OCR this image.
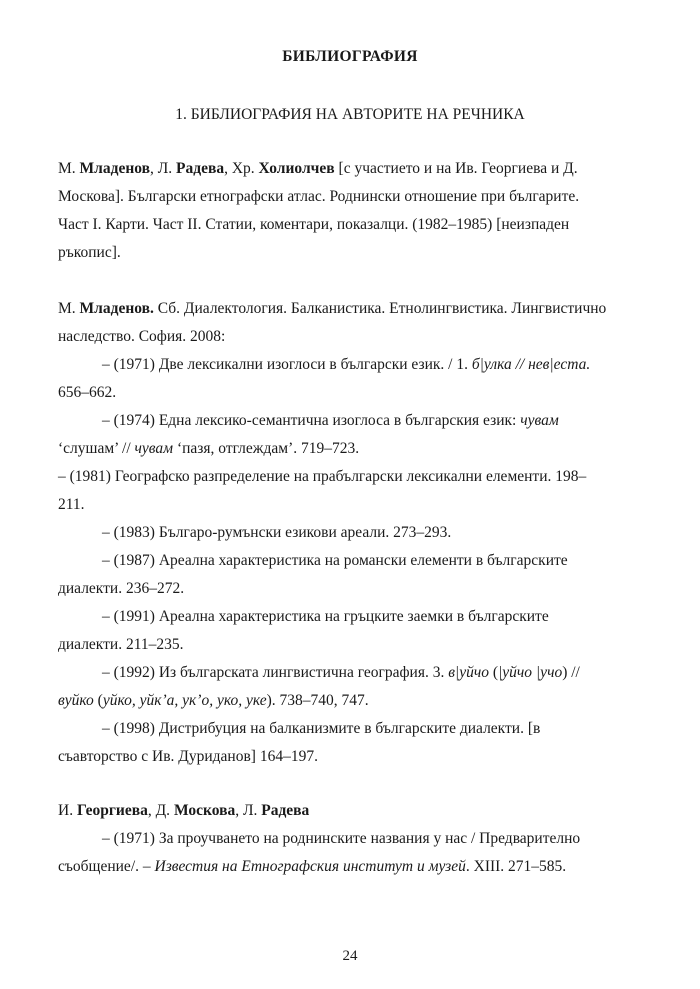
БИБЛИОГРАФИЯ
1. БИБЛИОГРАФИЯ НА АВТОРИТЕ НА РЕЧНИКА
М. Младенов, Л. Радева, Хр. Холиолчев [с участието и на Ив. Георгиева и Д.
Москова]. Български етнографски атлас. Роднински отношение при българите.
Част І. Карти. Част ІІ. Статии, коментари, показалци. (1982–1985) [неизпаден
ръкопис].
М. Младенов. Сб. Диалектология. Балканистика. Етнолингвистика. Лингвистично
наследство. София. 2008:
– (1971) Две лексикални изоглоси в български език. / 1. б|улка // нев|еста.
656–662.
– (1974) Една лексико-семантична изоглоса в българския език: чувам
‘слушам’ // чувам ‘пазя, отглеждам’. 719–723.
– (1981) Географско разпределение на прабългарски лексикални елементи. 198–
211.
– (1983) Българо-румънски езикови ареали. 273–293.
– (1987) Ареална характеристика на романски елементи в българските
диалекти. 236–272.
– (1991) Ареална характеристика на гръцките заемки в българските
диалекти. 211–235.
– (1992) Из българската лингвистична география. 3. в|уйчо (|уйчо |учо) //
вуйко (уйко, уйк’а, ук’о, уко, уке). 738–740, 747.
– (1998) Дистрибуция на балканизмите в българските диалекти. [в
съавторство с Ив. Дуриданов] 164–197.
И. Георгиева, Д. Москова, Л. Радева
– (1971) За проучването на роднинските названия у нас / Предварително
съобщение/. – Известия на Етнографския институт и музей. XIII. 271–585.
24
